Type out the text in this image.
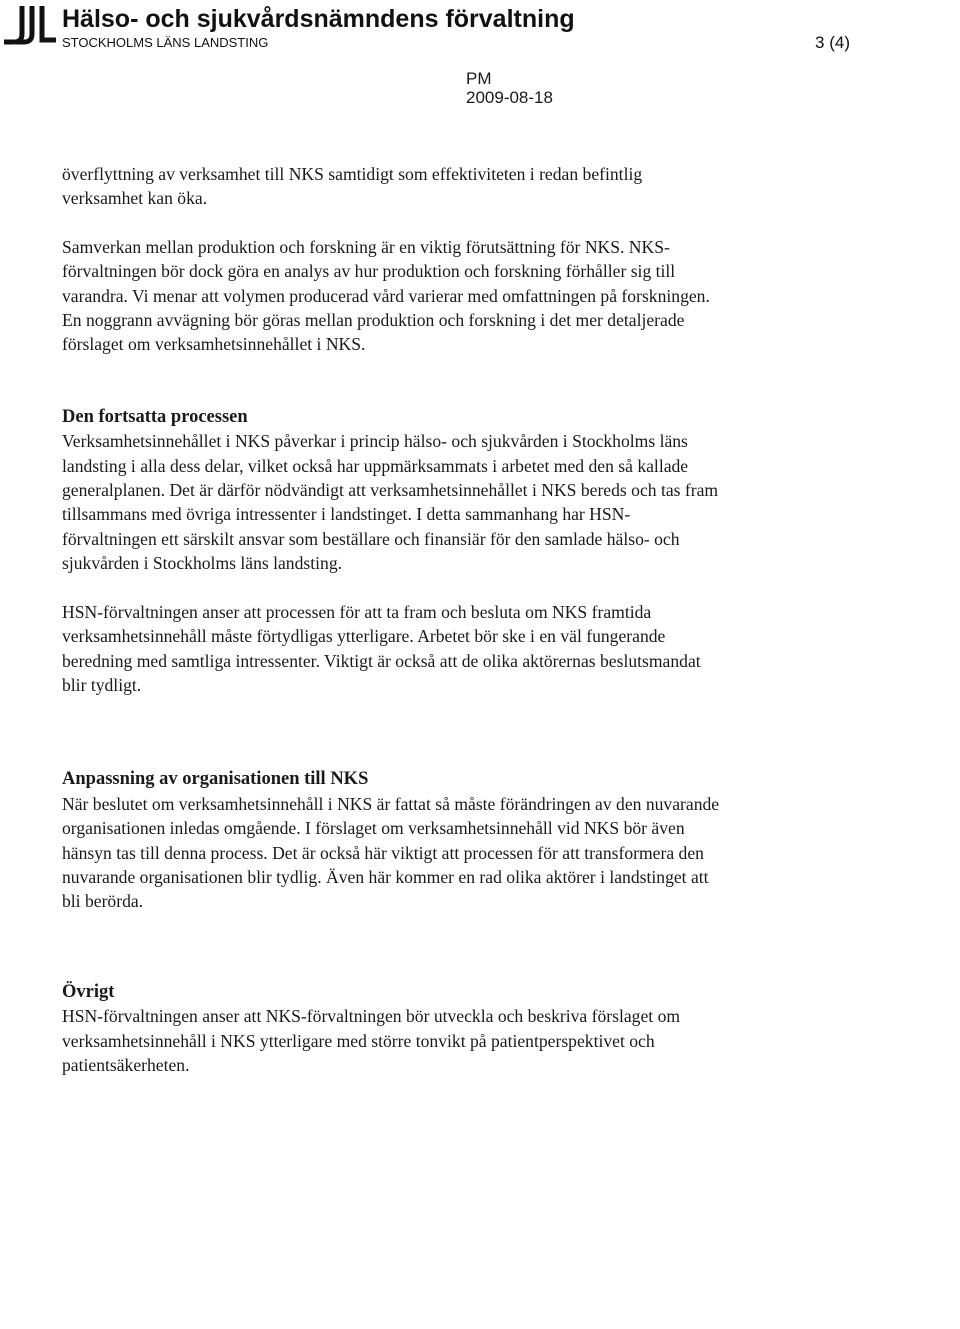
Hälso- och sjukvårdsnämndens förvaltning
STOCKHOLMS LÄNS LANDSTING	3 (4)
PM
2009-08-18

överflyttning av verksamhet till NKS samtidigt som effektiviteten i redan befintlig verksamhet kan öka.

Samverkan mellan produktion och forskning är en viktig förutsättning för NKS. NKS-förvaltningen bör dock göra en analys av hur produktion och forskning förhåller sig till varandra. Vi menar att volymen producerad vård varierar med omfattningen på forskningen. En noggrann avvägning bör göras mellan produktion och forskning i det mer detaljerade förslaget om verksamhetsinnehållet i NKS.

Den fortsatta processen

Verksamhetsinnehållet i NKS påverkar i princip hälso- och sjukvården i Stockholms läns landsting i alla dess delar, vilket också har uppmärksammats i arbetet med den så kallade generalplanen. Det är därför nödvändigt att verksamhetsinnehållet i NKS bereds och tas fram tillsammans med övriga intressenter i landstinget. I detta sammanhang har HSN-förvaltningen ett särskilt ansvar som beställare och finansiär för den samlade hälso- och sjukvården i Stockholms läns landsting.

HSN-förvaltningen anser att processen för att ta fram och besluta om NKS framtida verksamhetsinnehåll måste förtydligas ytterligare. Arbetet bör ske i en väl fungerande beredning med samtliga intressenter. Viktigt är också att de olika aktörernas beslutsmandat blir tydligt.

Anpassning av organisationen till NKS

När beslutet om verksamhetsinnehåll i NKS är fattat så måste förändringen av den nuvarande organisationen inledas omgående. I förslaget om verksamhetsinnehåll vid NKS bör även hänsyn tas till denna process. Det är också här viktigt att processen för att transformera den nuvarande organisationen blir tydlig. Även här kommer en rad olika aktörer i landstinget att bli berörda.

Övrigt

HSN-förvaltningen anser att NKS-förvaltningen bör utveckla och beskriva förslaget om verksamhetsinnehåll i NKS ytterligare med större tonvikt på patientperspektivet och patientsäkerheten.
